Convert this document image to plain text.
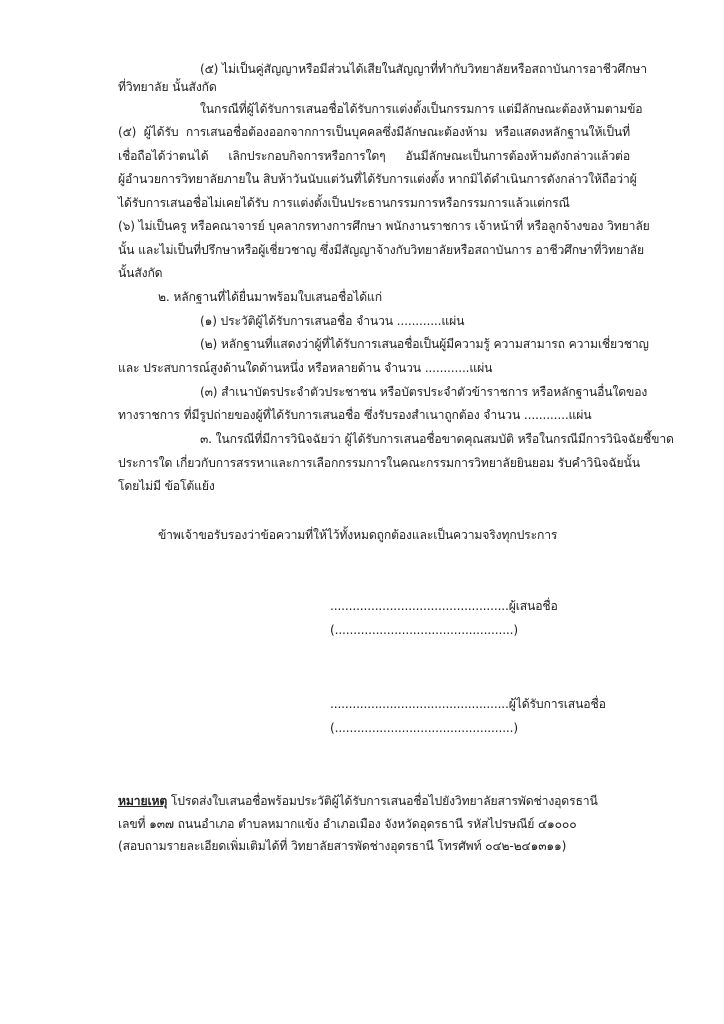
(๕) ไม่เป็นคู่สัญญาหรือมีส่วนได้เสียในสัญญาที่ทำกับวิทยาลัยหรือสถาบันการอาชีวศึกษา
ที่วิทยาลัย นั้นสังกัด
ในกรณีที่ผู้ได้รับการเสนอชื่อได้รับการแต่งตั้งเป็นกรรมการ แต่มีลักษณะต้องห้ามตามข้อ
(๕) ผู้ได้รับ การเสนอชื่อต้องออกจากการเป็นบุคคลซึ่งมีลักษณะต้องห้าม หรือแสดงหลักฐานให้เป็นที่
เชื่อถือได้ว่าตนได้ เลิกประกอบกิจการหรือการใดๆ อันมีลักษณะเป็นการต้องห้ามดังกล่าวแล้วต่อ
ผู้อำนวยการวิทยาลัยภายใน สิบห้าวันนับแต่วันที่ได้รับการแต่งตั้ง หากมิได้ดำเนินการดังกล่าวให้ถือว่าผู้
ได้รับการเสนอชื่อไม่เคยได้รับ การแต่งตั้งเป็นประธานกรรมการหรือกรรมการแล้วแต่กรณี
(๖) ไม่เป็นครู หรือคณาจารย์ บุคลากรทางการศึกษา พนักงานราชการ เจ้าหน้าที่ หรือลูกจ้างของ วิทยาลัย
นั้น และไม่เป็นที่ปรึกษาหรือผู้เชี่ยวชาญ ซึ่งมีสัญญาจ้างกับวิทยาลัยหรือสถาบันการ อาชีวศึกษาที่วิทยาลัย
นั้นสังกัด
๒. หลักฐานที่ได้ยื่นมาพร้อมใบเสนอชื่อได้แก่
(๑) ประวัติผู้ได้รับการเสนอชื่อ จำนวน ............แผ่น
(๒) หลักฐานที่แสดงว่าผู้ที่ได้รับการเสนอชื่อเป็นผู้มีความรู้ ความสามารถ ความเชี่ยวชาญ
และ ประสบการณ์สูงด้านใดด้านหนึ่ง หรือหลายด้าน จำนวน ............แผ่น
(๓) สำเนาบัตรประจำตัวประชาชน หรือบัตรประจำตัวข้าราชการ หรือหลักฐานอื่นใดของ
ทางราชการ ที่มีรูปถ่ายของผู้ที่ได้รับการเสนอชื่อ ซึ่งรับรองสำเนาถูกต้อง จำนวน ............แผ่น
๓. ในกรณีที่มีการวินิจฉัยว่า ผู้ได้รับการเสนอชื่อขาดคุณสมบัติ หรือในกรณีมีการวินิจฉัยชี้ขาด
ประการใด เกี่ยวกับการสรรหาและการเลือกกรรมการในคณะกรรมการวิทยาลัยยินยอม รับคำวินิจฉัยนั้น
โดยไม่มี ข้อโต้แย้ง
ข้าพเจ้าขอรับรองว่าข้อความที่ให้ไว้ทั้งหมดถูกต้องและเป็นความจริงทุกประการ
................................................ผู้เสนอชื่อ
(................................................)
................................................ผู้ได้รับการเสนอชื่อ
(................................................)
หมายเหตุ โปรดส่งใบเสนอชื่อพร้อมประวัติผู้ได้รับการเสนอชื่อไปยังวิทยาลัยสารพัดช่างอุดรธานี
เลขที่ ๑๓๗ ถนนอำเภอ ตำบลหมากแข้ง อำเภอเมือง จังหวัดอุดรธานี รหัสไปรษณีย์ ๔๑๐๐๐
(สอบถามรายละเอียดเพิ่มเติมได้ที่ วิทยาลัยสารพัดช่างอุดรธานี โทรศัพท์ ๐๔๒-๒๔๑๓๑๑)
